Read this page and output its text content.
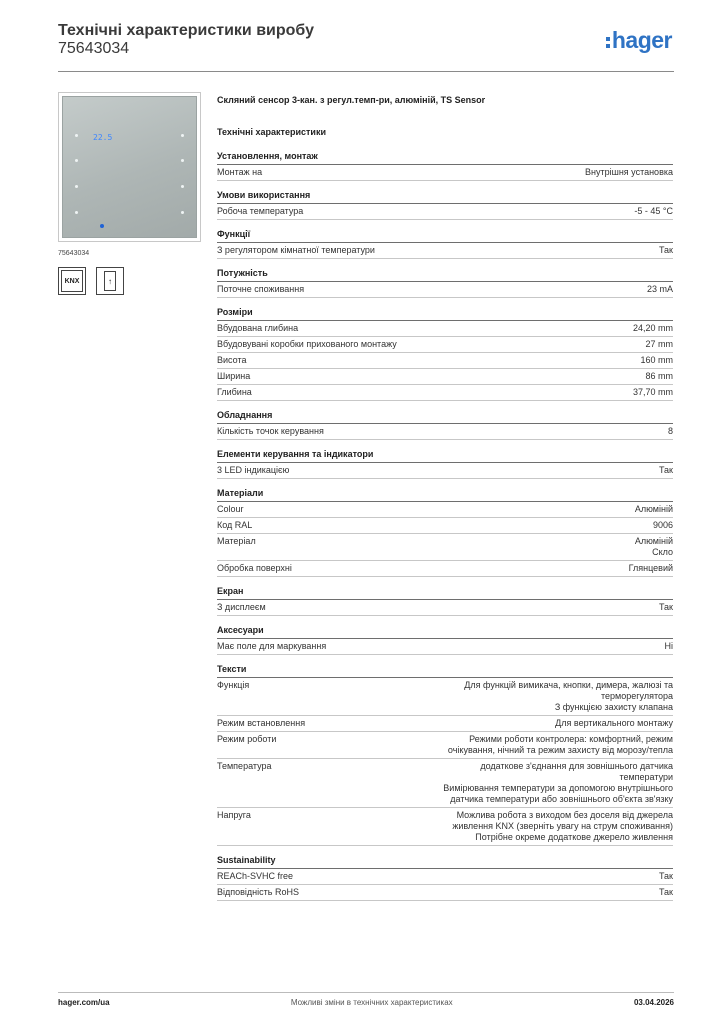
Технічні характеристики виробу
75643034	hager
22.5
75643034
KNX	↑
Скляний сенсор 3-кан. з регул.темп-ри, алюміній, TS Sensor
Технічні характеристики
Установлення, монтаж
Монтаж на	Внутрішня установка
Умови використання
Робоча температура	-5 - 45 °C
Функції
З регулятором кімнатної температури	Так
Потужність
Поточне споживання	23 mA
Розміри
Вбудована глибина	24,20 mm
Вбудовувані коробки прихованого монтажу	27 mm
Висота	160 mm
Ширина	86 mm
Глибина	37,70 mm
Обладнання
Кількість точок керування	8
Елементи керування та індикатори
3 LED індикацією	Так
Матеріали
Colour	Алюміній
Код RAL	9006
Матеріал	Алюміній
Скло
Обробка поверхні	Глянцевий
Екран
З дисплеєм	Так
Аксесуари
Має поле для маркування	Ні
Тексти
Функція	Для функцій вимикача, кнопки, димера, жалюзі та
терморегулятора
З функцією захисту клапана
Режим встановлення	Для вертикального монтажу
Режим роботи	Режими роботи контролера: комфортний, режим
очікування, нічний та режим захисту від морозу/тепла
Температура	додаткове з'єднання для зовнішнього датчика
температури
Вимірювання температури за допомогою внутрішнього
датчика температури або зовнішнього об'єкта зв'язку
Напруга	Можлива робота з виходом без доселя від джерела
живлення KNX (зверніть увагу на струм споживання)
Потрібне окреме додаткове джерело живлення
Sustainability
REACh-SVHC free	Так
Відповідність RoHS	Так
hager.com/ua	Можливі зміни в технічних характеристиках	03.04.2026
